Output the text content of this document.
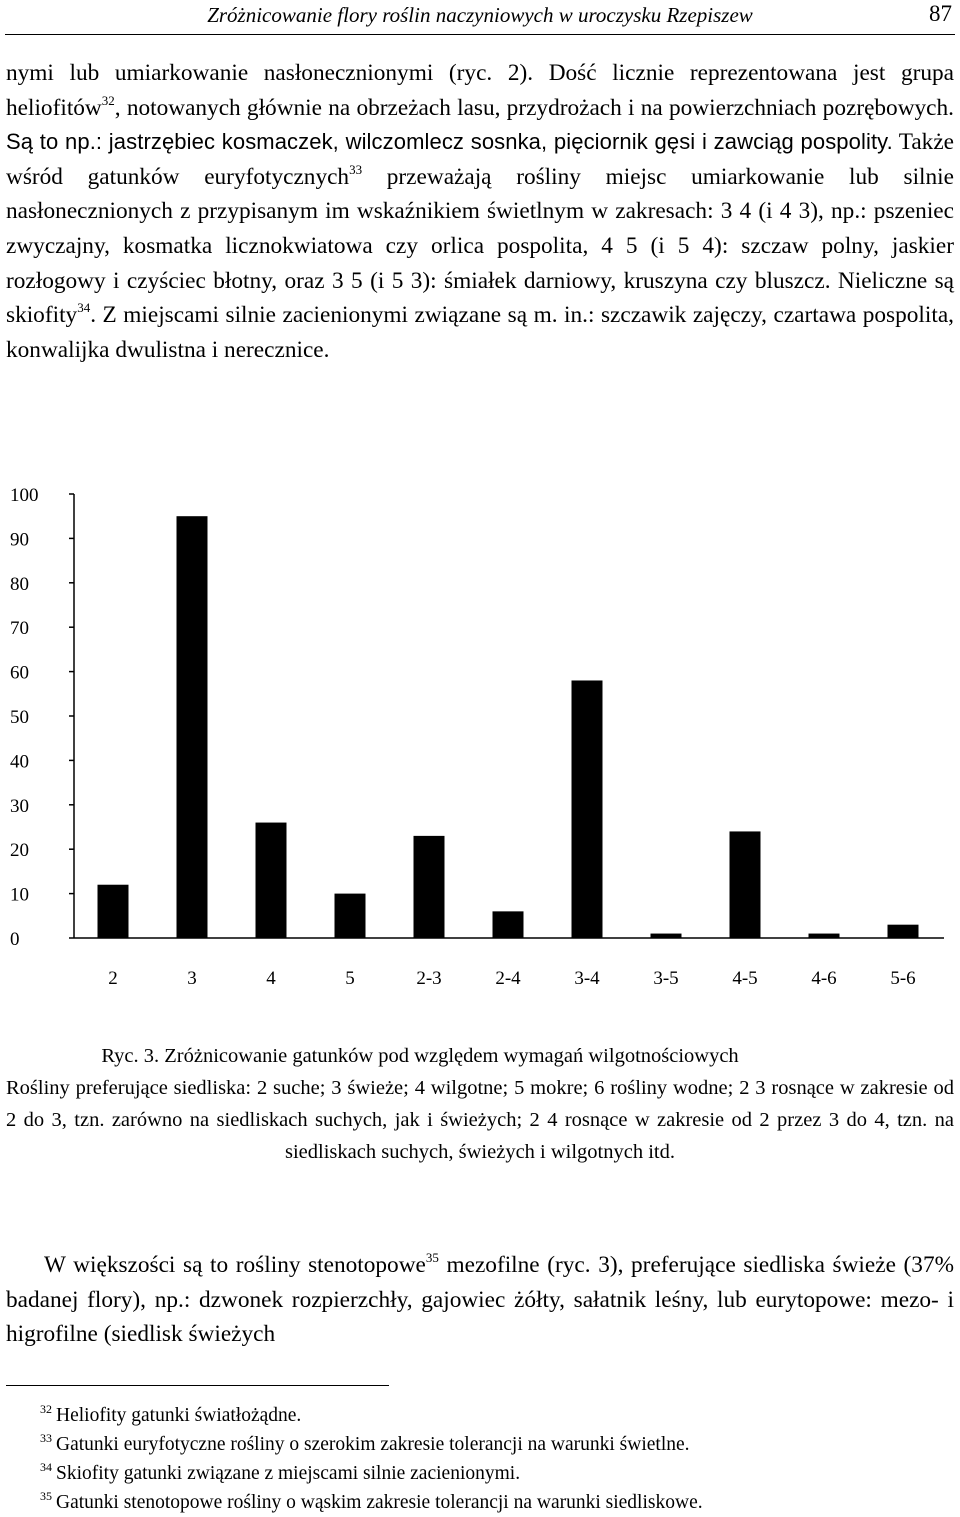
Zróżnicowanie flory roślin naczyniowych w uroczysku Rzepiszew	87

nymi lub umiarkowanie nasłonecznionymi (ryc. 2). Dość licznie reprezentowana jest grupa heliofitów$^{32}$, notowanych głównie na obrzeżach lasu, przydrożach i na powierzchniach pozrębowych. Są to np.: jastrzębiec kosmaczek, wilczomlecz sosnka, pięciornik gęsi i zawciąg pospolity. Także wśród gatunków euryfotycznych$^{33}$ przeważają rośliny miejsc umiarkowanie lub silnie nasłonecznionych z przypisanym im wskaźnikiem świetlnym w zakresach: 3 4 (i 4 3), np.: pszeniec zwyczajny, kosmatka licznokwiatowa czy orlica pospolita, 4 5 (i 5 4): szczaw polny, jaskier rozłogowy i czyściec błotny, oraz 3 5 (i 5 3): śmiałek darniowy, kruszyna czy bluszcz. Nieliczne są skiofity$^{34}$. Z miejscami silnie zacienionymi związane są m. in.: szczawik zajęczy, czartawa pospolita, konwalijka dwulistna i nerecznice.

0
10
20
30
40
50
60
70
80
90
100
2	3	4	5	2-3	2-4	3-4	3-5	4-5	4-6	5-6

Ryc. 3. Zróżnicowanie gatunków pod względem wymagań wilgotnościowych

Rośliny preferujące siedliska: 2 suche; 3 świeże; 4 wilgotne; 5 mokre; 6 rośliny wodne; 2 3 rosnące w zakresie od 2 do 3, tzn. zarówno na siedliskach suchych, jak i świeżych; 2 4 rosnące w zakresie od 2 przez 3 do 4, tzn. na siedliskach suchych, świeżych i wilgotnych itd.

W większości są to rośliny stenotopowe$^{35}$ mezofilne (ryc. 3), preferujące siedliska świeże (37% badanej flory), np.: dzwonek rozpierzchły, gajowiec żółty, sałatnik leśny, lub eurytopowe: mezo- i higrofilne (siedlisk świeżych

$^{32}$ Heliofity gatunki światłożądne.
$^{33}$ Gatunki euryfotyczne rośliny o szerokim zakresie tolerancji na warunki świetlne.
$^{34}$ Skiofity gatunki związane z miejscami silnie zacienionymi.
$^{35}$ Gatunki stenotopowe rośliny o wąskim zakresie tolerancji na warunki siedliskowe.
